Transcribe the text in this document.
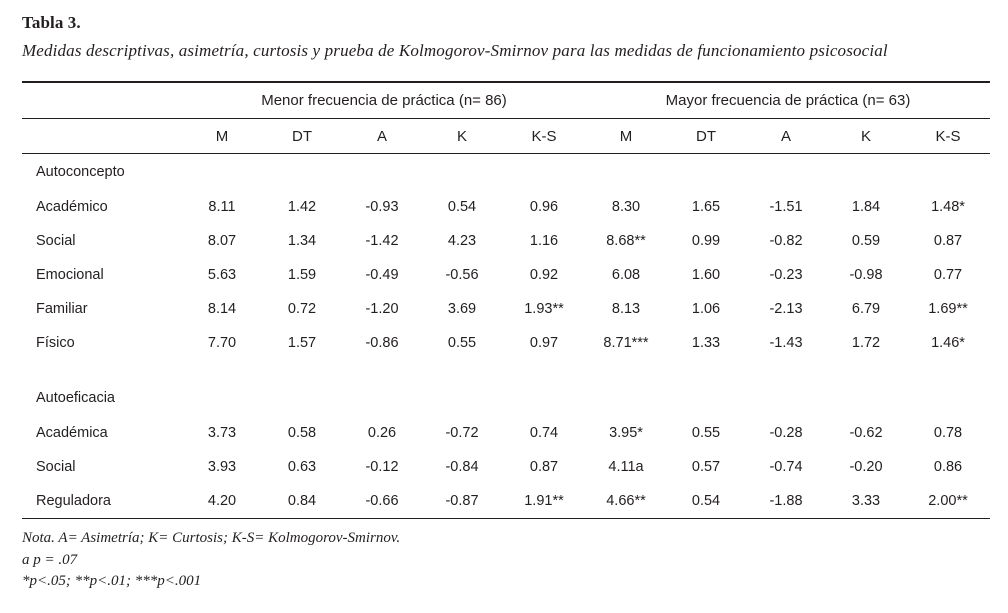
Tabla 3.
Medidas descriptivas, asimetría, curtosis y prueba de Kolmogorov-Smirnov para las medidas de funcionamiento psicosocial

	Menor frecuencia de práctica (n= 86)					Mayor frecuencia de práctica (n= 63)				

	M	DT	A	K	K-S	M	DT	A	K	K-S

Autoconcepto										
Académico	8.11	1.42	-0.93	0.54	0.96	8.30	1.65	-1.51	1.84	1.48*
Social	8.07	1.34	-1.42	4.23	1.16	8.68**	0.99	-0.82	0.59	0.87
Emocional	5.63	1.59	-0.49	-0.56	0.92	6.08	1.60	-0.23	-0.98	0.77
Familiar	8.14	0.72	-1.20	3.69	1.93**	8.13	1.06	-2.13	6.79	1.69**
Físico	7.70	1.57	-0.86	0.55	0.97	8.71***	1.33	-1.43	1.72	1.46*

Autoeficacia										
Académica	3.73	0.58	0.26	-0.72	0.74	3.95*	0.55	-0.28	-0.62	0.78
Social	3.93	0.63	-0.12	-0.84	0.87	4.11a	0.57	-0.74	-0.20	0.86
Reguladora	4.20	0.84	-0.66	-0.87	1.91**	4.66**	0.54	-1.88	3.33	2.00**

Nota. A= Asimetría; K= Curtosis; K-S= Kolmogorov-Smirnov.
a p = .07
*p<.05; **p<.01; ***p<.001
